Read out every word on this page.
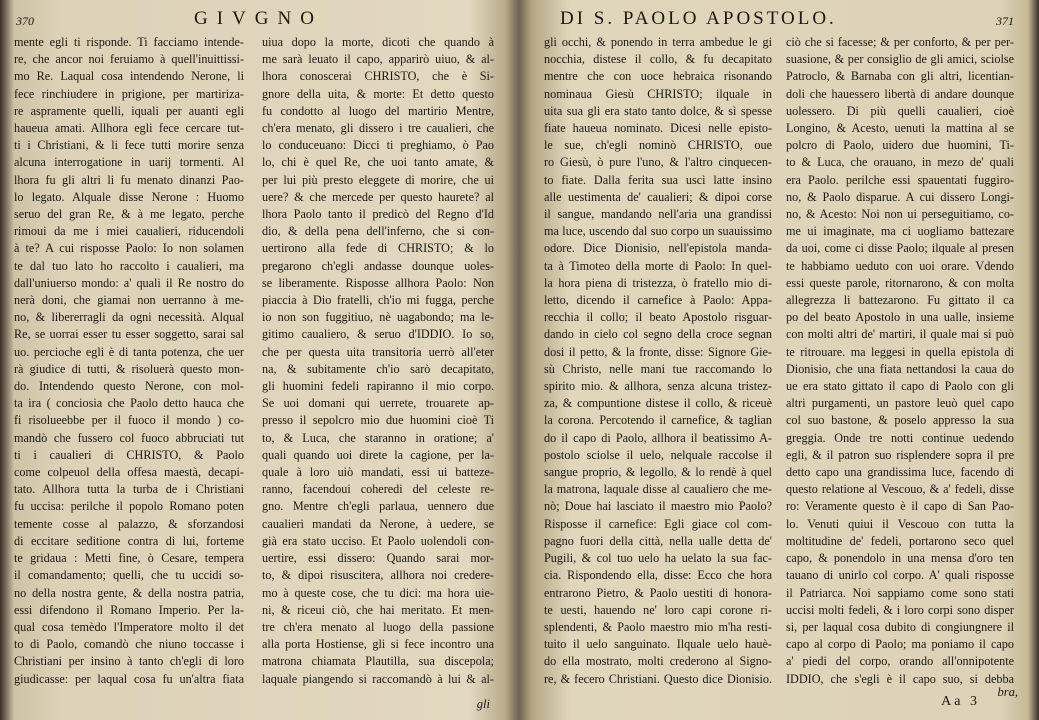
370	GIVGNO
mente egli ti risponde. Ti facciamo intende-
re, che ancor noi feruiamo à quell'inuittissi-
mo Re. Laqual cosa intendendo Nerone, li
fece rinchiudere in prigione, per martiriza-
re aspramente quelli, iquali per auanti egli
haueua amati. Allhora egli fece cercare tut-
ti i Christiani, & li fece tutti morire senza
alcuna interrogatione in uarij tormenti. Al
lhora fu gli altri li fu menato dinanzi Pao-
lo legato. Alquale disse Nerone : Huomo
seruo del gran Re, & à me legato, perche
rimoui da me i miei caualieri, riducendoli
à te? A cui risposse Paolo: Io non solamen
te dal tuo lato ho raccolto i caualieri, ma
dall'uniuerso mondo: a' quali il Re nostro do
nerà doni, che giamai non uerranno à me-
no, & libererragli da ogni necessità. Alqual
Re, se uorrai esser tu esser soggetto, sarai sal
uo. percioche egli è di tanta potenza, che uer
rà giudice di tutti, & risoluerà questo mon-
do. Intendendo questo Nerone, con mol-
ta ira ( conciosia che Paolo detto hauca che
fi risolueebbe per il fuoco il mondo ) co-
mandò che fussero col fuoco abbruciati tut
ti i caualieri di CHRISTO, & Paolo
come colpeuol della offesa maestà, decapi-
tato. Allhora tutta la turba de i Christiani
fu uccisa: perilche il popolo Romano poten
temente cosse al palazzo, & sforzandosi
di eccitare seditione contra di lui, forteme
te gridaua : Metti fine, ò Cesare, tempera
il comandamento; quelli, che tu uccidi so-
no della nostra gente, & della nostra patria,
essi difendono il Romano Imperio. Per la-
qual cosa temèdo l'Imperatore molto il det
to di Paolo, comandò che niuno toccasse i
Christiani per insino à tanto ch'egli di loro
giudicasse: per laqual cosa fu un'altra fiata
uiua dopo la morte, dicoti che quando à
me sarà leuato il capo, apparirò uiuo, & al-
lhora conoscerai CHRISTO, che è Si-
gnore della uita, & morte: Et detto questo
fu condotto al luogo del martirio Mentre,
ch'era menato, gli dissero i tre caualieri, che
lo conduceuano: Dicci ti preghiamo, ò Pao
lo, chi è quel Re, che uoi tanto amate, &
per lui più presto eleggete di morire, che ui
uere? & che mercede per questo haurete? al
lhora Paolo tanto il predicò del Regno d'Id
dio, & della pena dell'inferno, che si con-
uertirono alla fede di CHRISTO; & lo
pregarono ch'egli andasse dounque uoles-
se liberamente. Risposse allhora Paolo: Non
piaccia à Dio fratelli, ch'io mi fugga, perche
io non son fuggitiuo, nè uagabondo; ma le-
gitimo caualiero, & seruo d'IDDIO. Io so,
che per questa uita transitoria uerrò all'eter
na, & subitamente ch'io sarò decapitato,
gli huomini fedeli rapiranno il mio corpo.
Se uoi domani qui uerrete, trouarete ap-
presso il sepolcro mio due huomini cioè Ti
to, & Luca, che staranno in oratione; a'
quali quando uoi direte la cagione, per la-
quale à loro uiò mandati, essi ui batteze-
ranno, facendoui coheredi del celeste re-
gno. Mentre ch'egli parlaua, uennero due
caualieri mandati da Nerone, à uedere, se
già era stato ucciso. Et Paolo uolendoli con-
uertire, essi dissero: Quando sarai mor-
to, & dipoi risuscitera, allhora noi credere-
mo à queste cose, che tu dici: ma hora uie-
ni, & riceui ciò, che hai meritato. Et men-
tre ch'era menato al luogo della passione
alla porta Hostiense, gli si fece incontro una
matrona chiamata Plautilla, sua discepola;
laquale piangendo si raccomandò à lui & al-
gli
DI S. PAOLO APOSTOLO.	371
gli occhi, & ponendo in terra ambedue le gi
nocchia, distese il collo, & fu decapitato
mentre che con uoce hebraica risonando
nominaua Giesù CHRISTO; ilquale in
uita sua gli era stato tanto dolce, & sì spesse
fiate haueua nominato. Dicesi nelle episto-
le sue, ch'egli nominò CHRISTO, oue
ro Giesù, ò pure l'uno, & l'altro cinquecen-
to fiate. Dalla ferita sua uscì latte insino
alle uestimenta de' caualieri; & dipoi corse
il sangue, mandando nell'aria una grandissi
ma luce, uscendo dal suo corpo un suauissimo
odore. Dice Dionisio, nell'epistola manda-
ta à Timoteo della morte di Paolo: In quel-
la hora piena di tristezza, ò fratello mio di-
letto, dicendo il carnefice à Paolo: Appa-
recchia il collo; il beato Apostolo risguar-
dando in cielo col segno della croce segnan
dosi il petto, & la fronte, disse: Signore Gie-
sù Christo, nelle mani tue raccomando lo
spirito mio. & allhora, senza alcuna tristez-
za, & compuntione distese il collo, & riceuè
la corona. Percotendo il carnefice, & taglian
do il capo di Paolo, allhora il beatissimo A-
postolo sciolse il uelo, nelquale raccolse il
sangue proprio, & legollo, & lo rendè à quel
la matrona, laquale disse al caualiero che me-
nò; Doue hai lasciato il maestro mio Paolo?
Risposse il carnefice: Egli giace col com-
pagno fuori della città, nella ualle detta de'
Pugili, & col tuo uelo ha uelato la sua fac-
cia. Rispondendo ella, disse: Ecco che hora
entrarono Pietro, & Paolo uestiti di honora-
te uesti, hauendo ne' loro capi corone ri-
splendenti, & Paolo maestro mio m'ha resti-
tuito il uelo sanguinato. Ilquale uelo hauè-
do ella mostrato, molti crederono al Signo-
re, & fecero Christiani. Questo dice Dionisio.
ciò che si facesse; & per conforto, & per per-
suasione, & per consiglio de gli amici, sciolse
Patroclo, & Barnaba con gli altri, licentian-
doli che hauessero libertà di andare dounque
uolessero. Di più quelli caualieri, cioè
Longino, & Acesto, uenuti la mattina al se
polcro di Paolo, uidero due huomini, Ti-
to & Luca, che orauano, in mezo de' quali
era Paolo. perilche essi spauentati fuggiro-
no, & Paolo disparue. A cui dissero Longi-
no, & Acesto: Noi non ui perseguitiamo, co-
me ui imaginate, ma ci uogliamo battezare
da uoi, come ci disse Paolo; ilquale al presen
te habbiamo ueduto con uoi orare. Vdendo
essi queste parole, ritornarono, & con molta
allegrezza li battezarono. Fu gittato il ca
po del beato Apostolo in una ualle, insieme
con molti altri de' martiri, il quale mai si può
te ritrouare. ma leggesi in quella epistola di
Dionisio, che una fiata nettandosi la caua do
ue era stato gittato il capo di Paolo con gli
altri purgamenti, un pastore leuò quel capo
col suo bastone, & poselo appresso la sua
greggia. Onde tre notti continue uedendo
egli, & il patron suo risplendere sopra il pre
detto capo una grandissima luce, facendo di
questo relatione al Vescouo, & a' fedeli, disse
ro: Veramente questo è il capo di San Pao-
lo. Venuti quiui il Vescouo con tutta la
moltitudine de' fedeli, portarono seco quel
capo, & ponendolo in una mensa d'oro ten
tauano di unirlo col corpo. A' quali risposse
il Patriarca. Noi sappiamo come sono stati
uccisi molti fedeli, & i loro corpi sono disper
si, per laqual cosa dubito di congiungnere il
capo al corpo di Paolo; ma poniamo il capo
a' piedi del corpo, orando all'onnipotente
IDDIO, che s'egli è il capo suo, si debba
Aa 3
bra,
